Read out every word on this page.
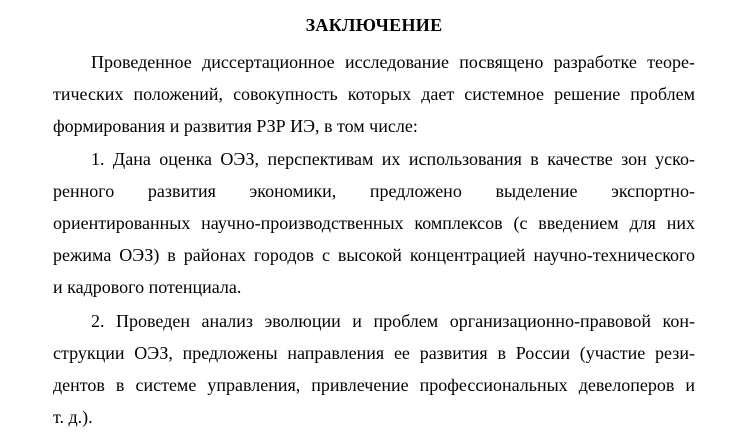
ЗАКЛЮЧЕНИЕ
Проведенное диссертационное исследование посвящено разработке теоре-
тических положений, совокупность которых дает системное решение проблем
формирования и развития РЗР ИЭ, в том числе:
1. Дана оценка ОЭЗ, перспективам их использования в качестве зон уско-
ренного развития экономики, предложено выделение экспортно-
ориентированных научно-производственных комплексов (с введением для них
режима ОЭЗ) в районах городов с высокой концентрацией научно-технического
и кадрового потенциала.
2. Проведен анализ эволюции и проблем организационно-правовой кон-
струкции ОЭЗ, предложены направления ее развития в России (участие рези-
дентов в системе управления, привлечение профессиональных девелоперов и
т. д.).
